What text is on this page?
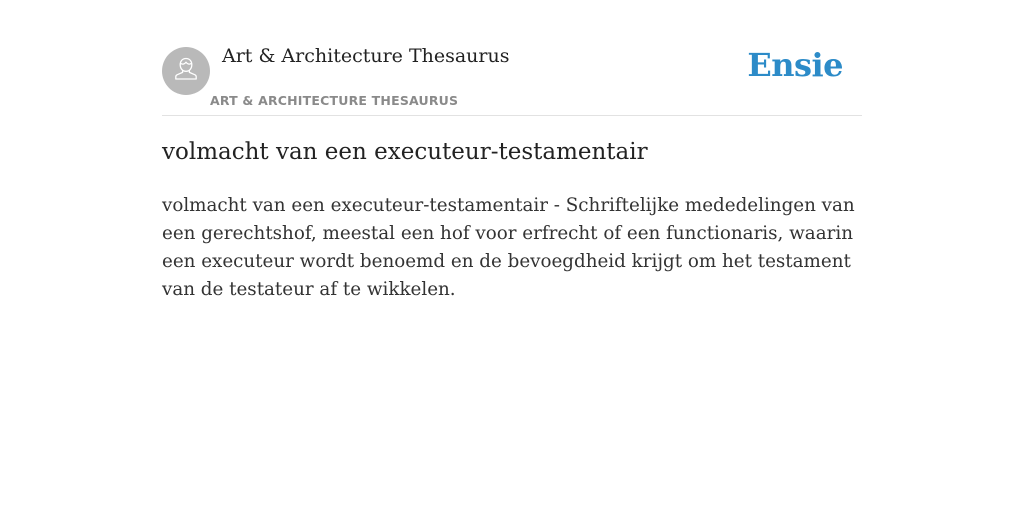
Art & Architecture Thesaurus
ART & ARCHITECTURE THESAURUS
Ensie
volmacht van een executeur-testamentair

volmacht van een executeur-testamentair - Schriftelijke mededelingen van een gerechtshof, meestal een hof voor erfrecht of een functionaris, waarin een executeur wordt benoemd en de bevoegdheid krijgt om het testament van de testateur af te wikkelen.
